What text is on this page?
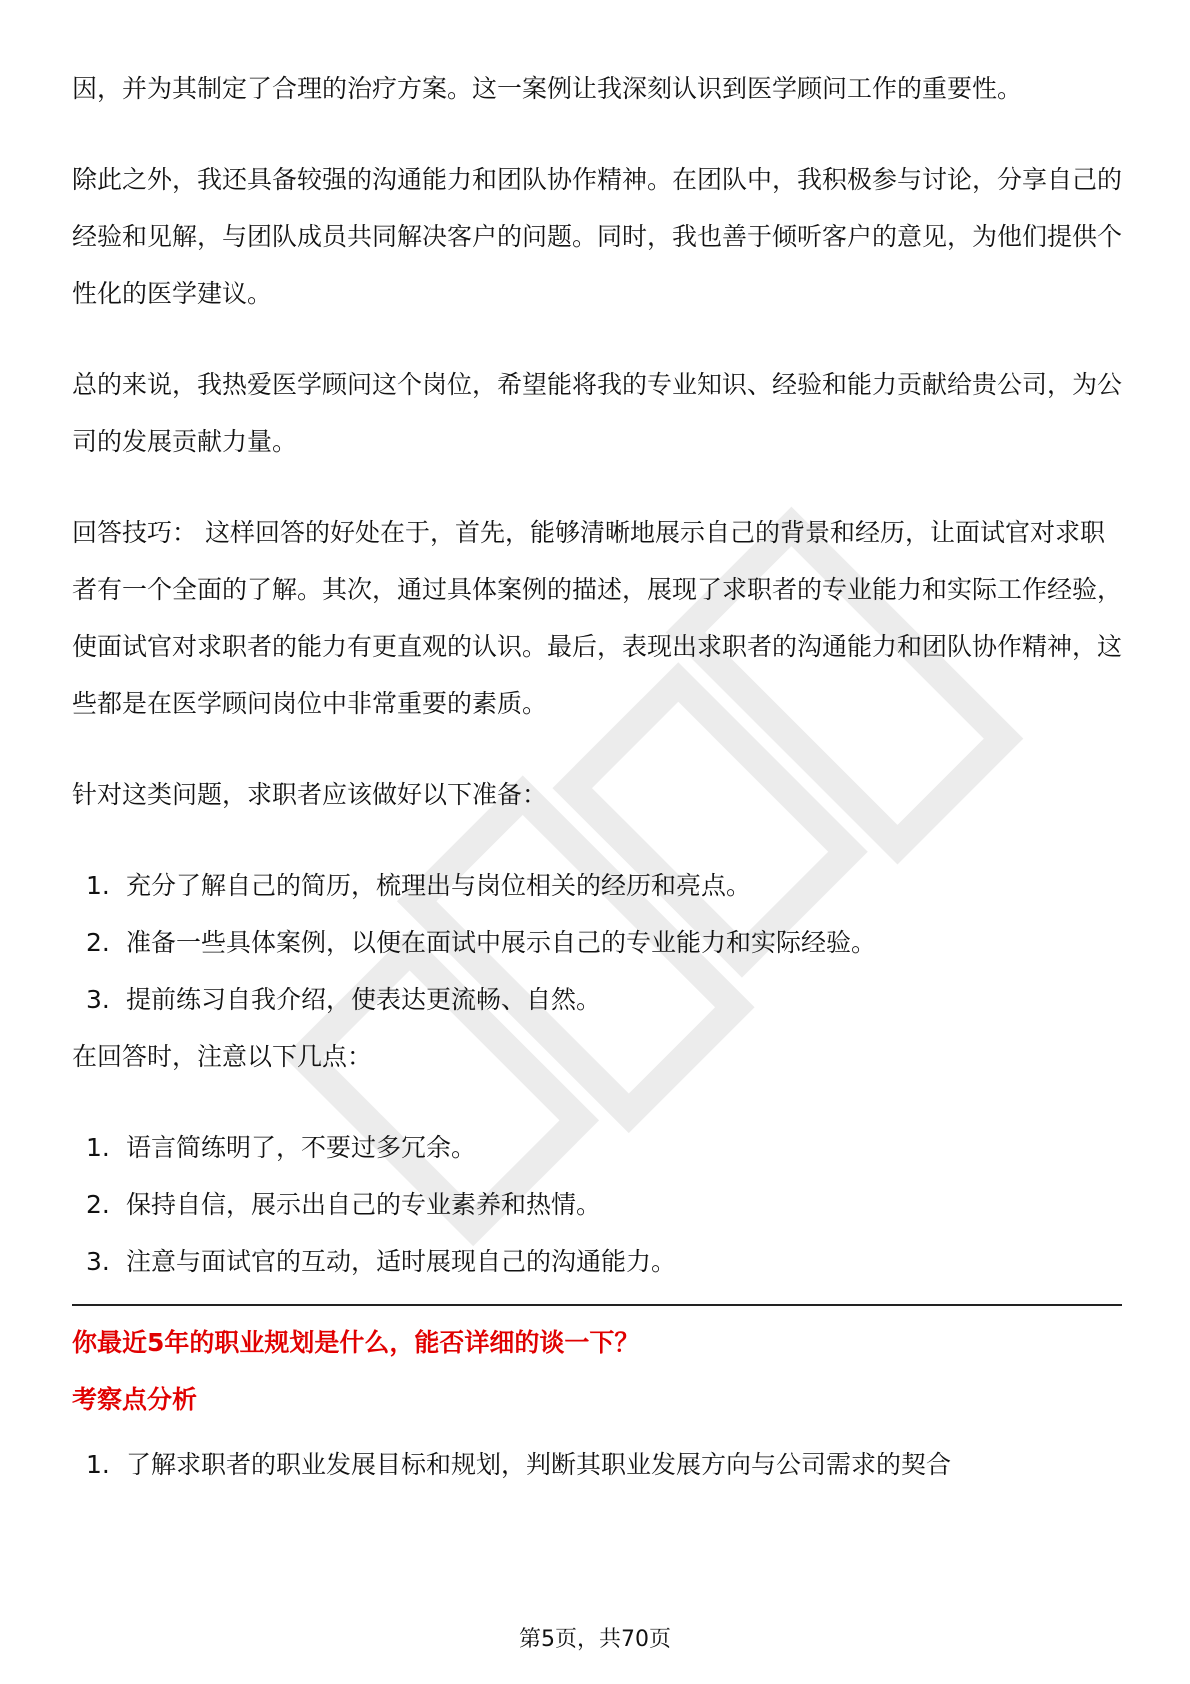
因，并为其制定了合理的治疗方案。这一案例让我深刻认识到医学顾问工作的重要性。

除此之外，我还具备较强的沟通能力和团队协作精神。在团队中，我积极参与讨论，分享自己的经验和见解，与团队成员共同解决客户的问题。同时，我也善于倾听客户的意见，为他们提供个性化的医学建议。

总的来说，我热爱医学顾问这个岗位，希望能将我的专业知识、经验和能力贡献给贵公司，为公司的发展贡献力量。

回答技巧： 这样回答的好处在于，首先，能够清晰地展示自己的背景和经历，让面试官对求职者有一个全面的了解。其次，通过具体案例的描述，展现了求职者的专业能力和实际工作经验，使面试官对求职者的能力有更直观的认识。最后，表现出求职者的沟通能力和团队协作精神，这些都是在医学顾问岗位中非常重要的素质。

针对这类问题，求职者应该做好以下准备：

1. 充分了解自己的简历，梳理出与岗位相关的经历和亮点。
2. 准备一些具体案例，以便在面试中展示自己的专业能力和实际经验。
3. 提前练习自我介绍，使表达更流畅、自然。

在回答时，注意以下几点：

1. 语言简练明了，不要过多冗余。
2. 保持自信，展示出自己的专业素养和热情。
3. 注意与面试官的互动，适时展现自己的沟通能力。

你最近5年的职业规划是什么，能否详细的谈一下？

考察点分析

1. 了解求职者的职业发展目标和规划，判断其职业发展方向与公司需求的契合
第5页，共70页
